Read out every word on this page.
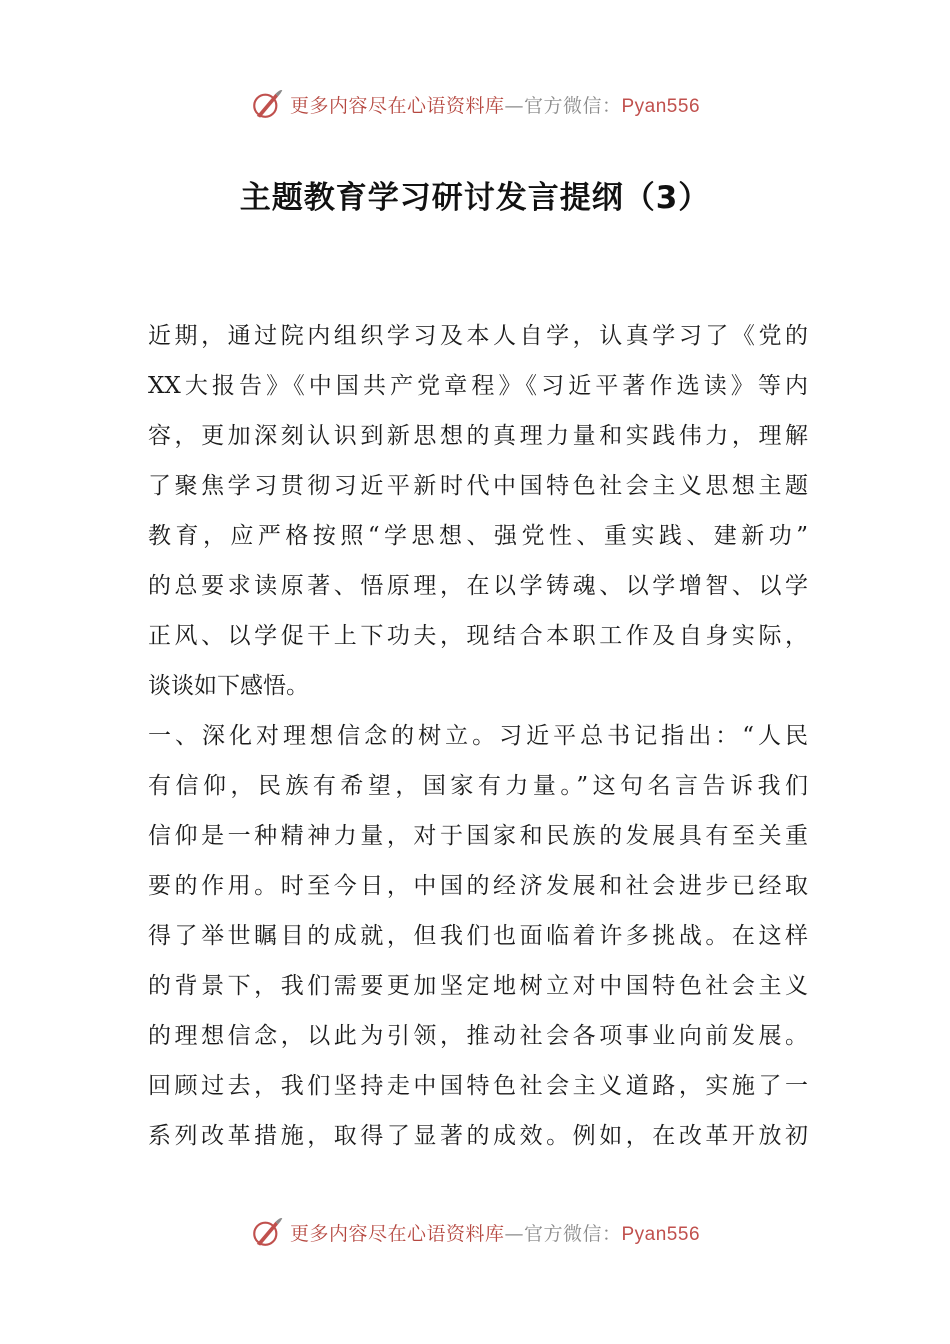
更多内容尽在心语资料库—官方微信：Pyan556
主题教育学习研讨发言提纲（3）
近期，通过院内组织学习及本人自学，认真学习了《党的
XX大报告》《中国共产党章程》《习近平著作选读》等内
容，更加深刻认识到新思想的真理力量和实践伟力，理解
了聚焦学习贯彻习近平新时代中国特色社会主义思想主题
教育，应严格按照“学思想、强党性、重实践、建新功”
的总要求读原著、悟原理，在以学铸魂、以学增智、以学
正风、以学促干上下功夫，现结合本职工作及自身实际，
谈谈如下感悟。
一、深化对理想信念的树立。习近平总书记指出：“人民
有信仰，民族有希望，国家有力量。”这句名言告诉我们
信仰是一种精神力量，对于国家和民族的发展具有至关重
要的作用。时至今日，中国的经济发展和社会进步已经取
得了举世瞩目的成就，但我们也面临着许多挑战。在这样
的背景下，我们需要更加坚定地树立对中国特色社会主义
的理想信念，以此为引领，推动社会各项事业向前发展。
回顾过去，我们坚持走中国特色社会主义道路，实施了一
系列改革措施，取得了显著的成效。例如，在改革开放初
更多内容尽在心语资料库—官方微信：Pyan556
